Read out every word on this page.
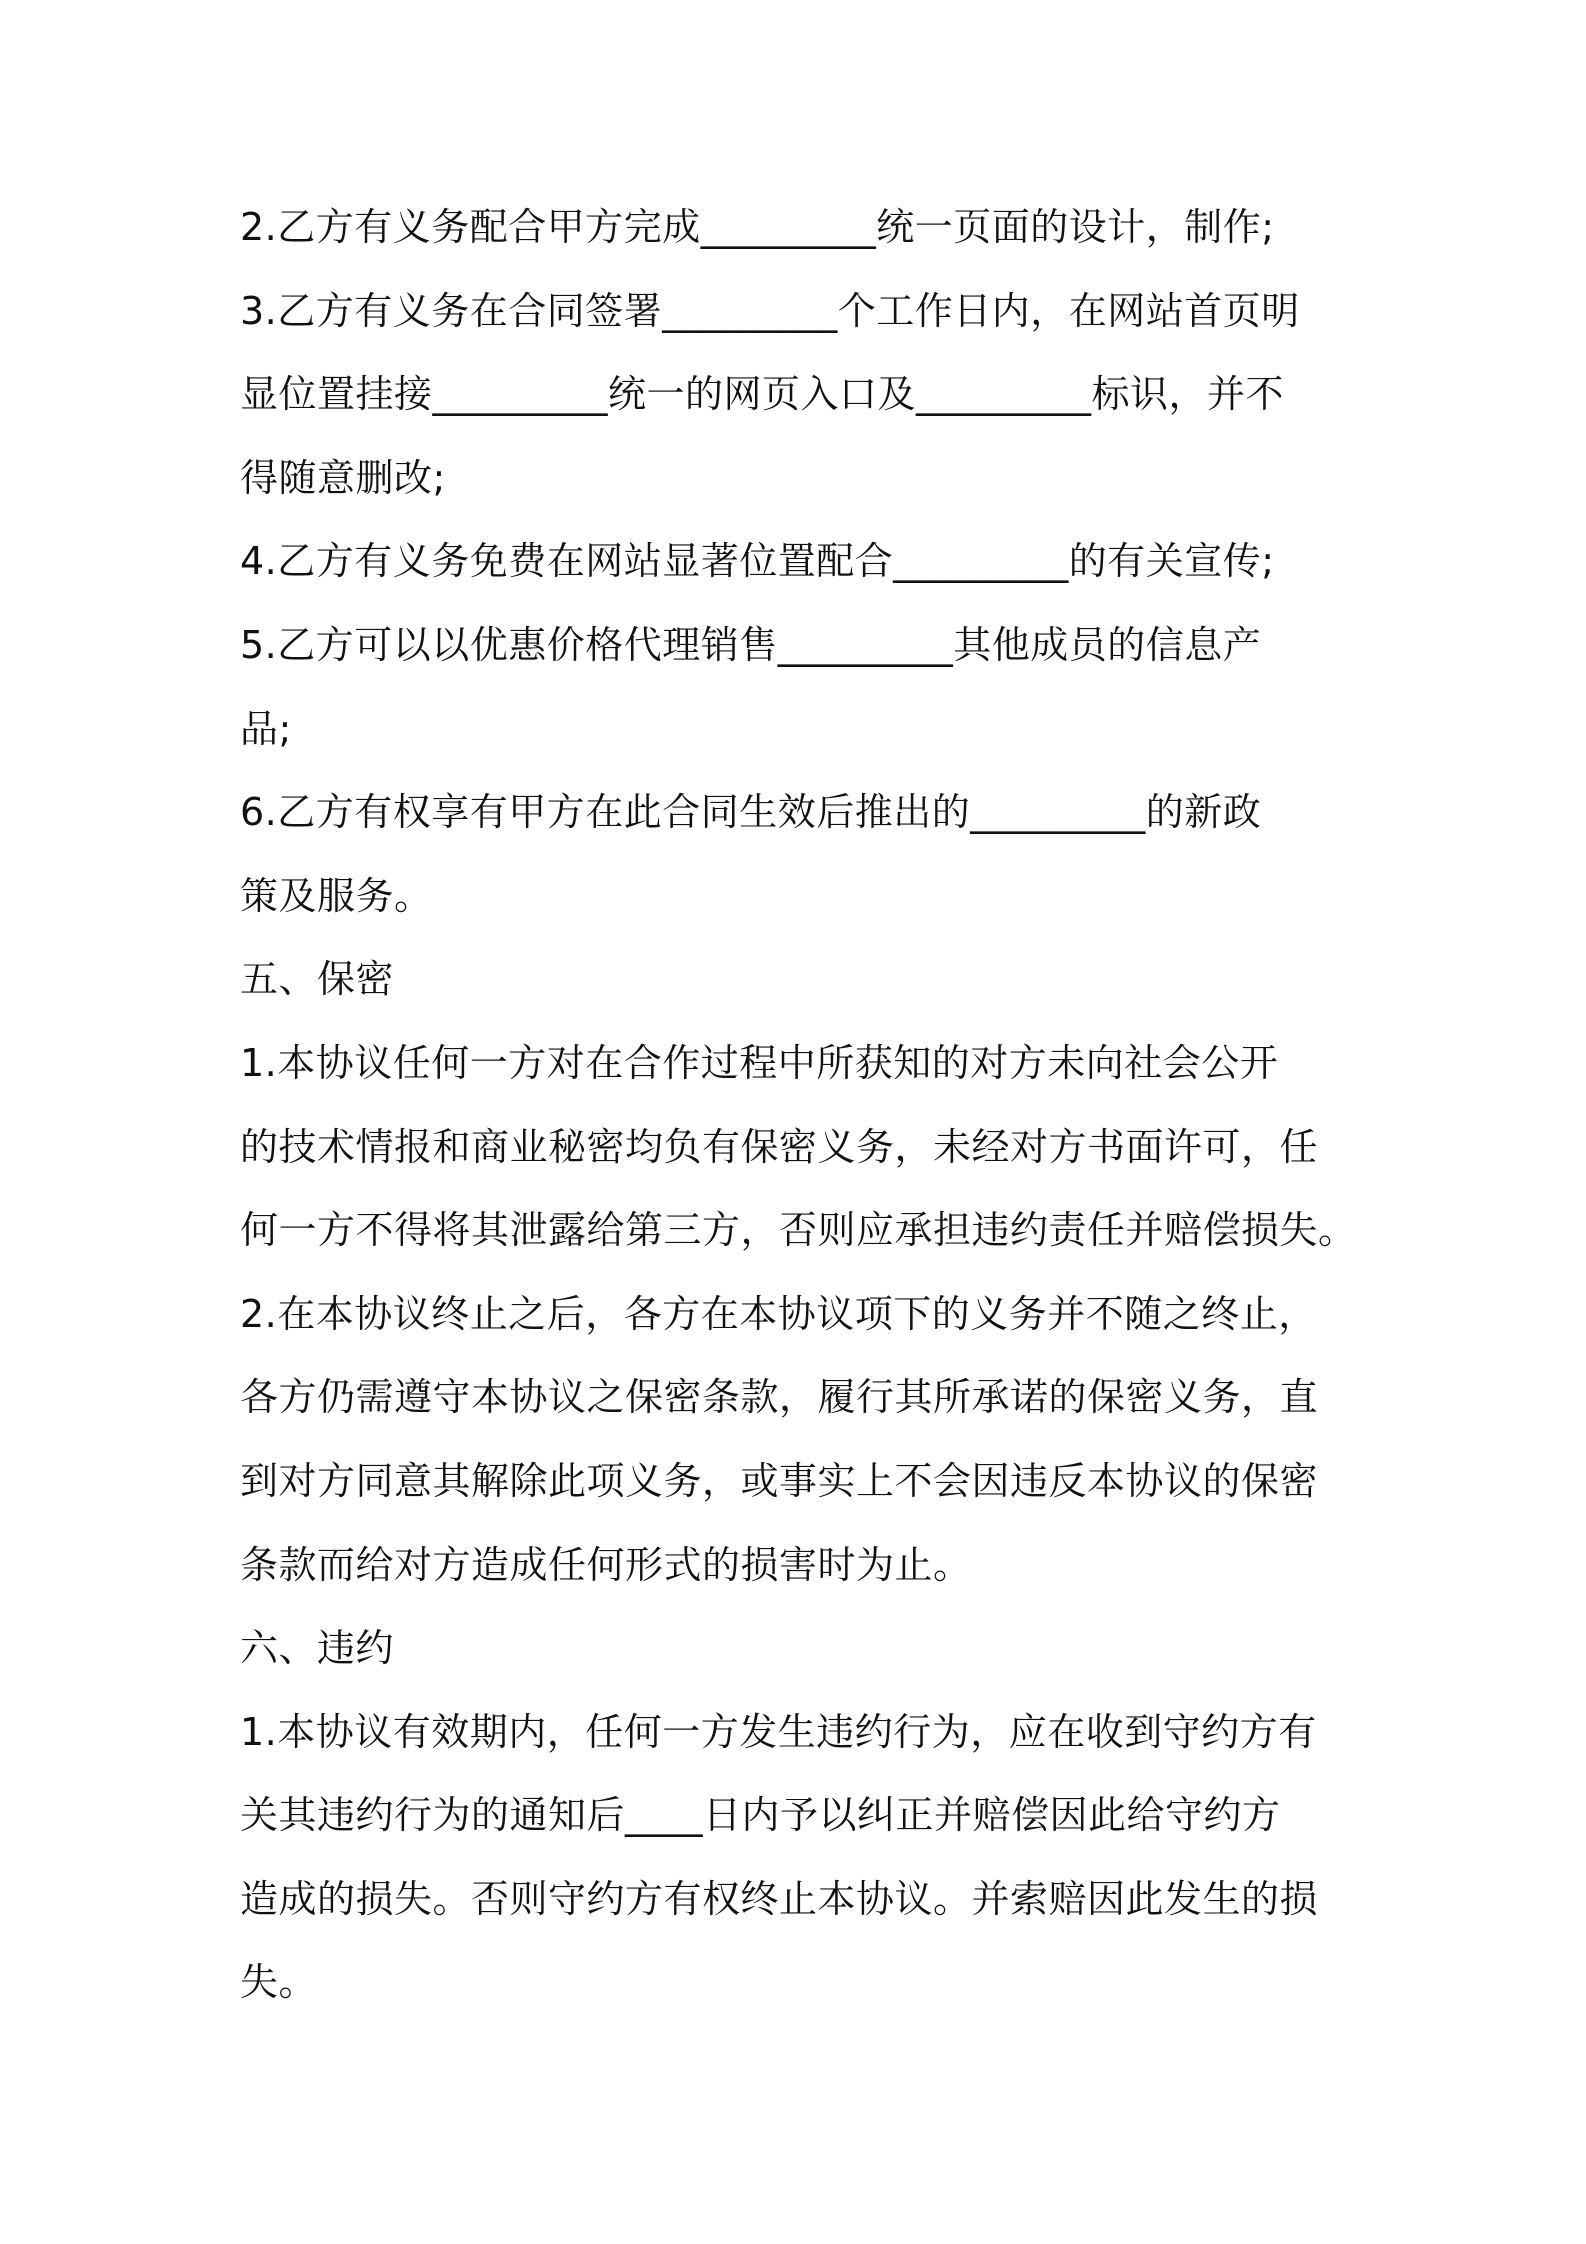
2.乙方有义务配合甲方完成_________统一页面的设计，制作;
3.乙方有义务在合同签署_________个工作日内，在网站首页明
显位置挂接_________统一的网页入口及_________标识，并不
得随意删改;
4.乙方有义务免费在网站显著位置配合_________的有关宣传;
5.乙方可以以优惠价格代理销售_________其他成员的信息产
品;
6.乙方有权享有甲方在此合同生效后推出的_________的新政
策及服务。
五、保密
1.本协议任何一方对在合作过程中所获知的对方未向社会公开
的技术情报和商业秘密均负有保密义务，未经对方书面许可，任
何一方不得将其泄露给第三方，否则应承担违约责任并赔偿损失。
2.在本协议终止之后，各方在本协议项下的义务并不随之终止，
各方仍需遵守本协议之保密条款，履行其所承诺的保密义务，直
到对方同意其解除此项义务，或事实上不会因违反本协议的保密
条款而给对方造成任何形式的损害时为止。
六、违约
1.本协议有效期内，任何一方发生违约行为，应在收到守约方有
关其违约行为的通知后____日内予以纠正并赔偿因此给守约方
造成的损失。否则守约方有权终止本协议。并索赔因此发生的损
失。
